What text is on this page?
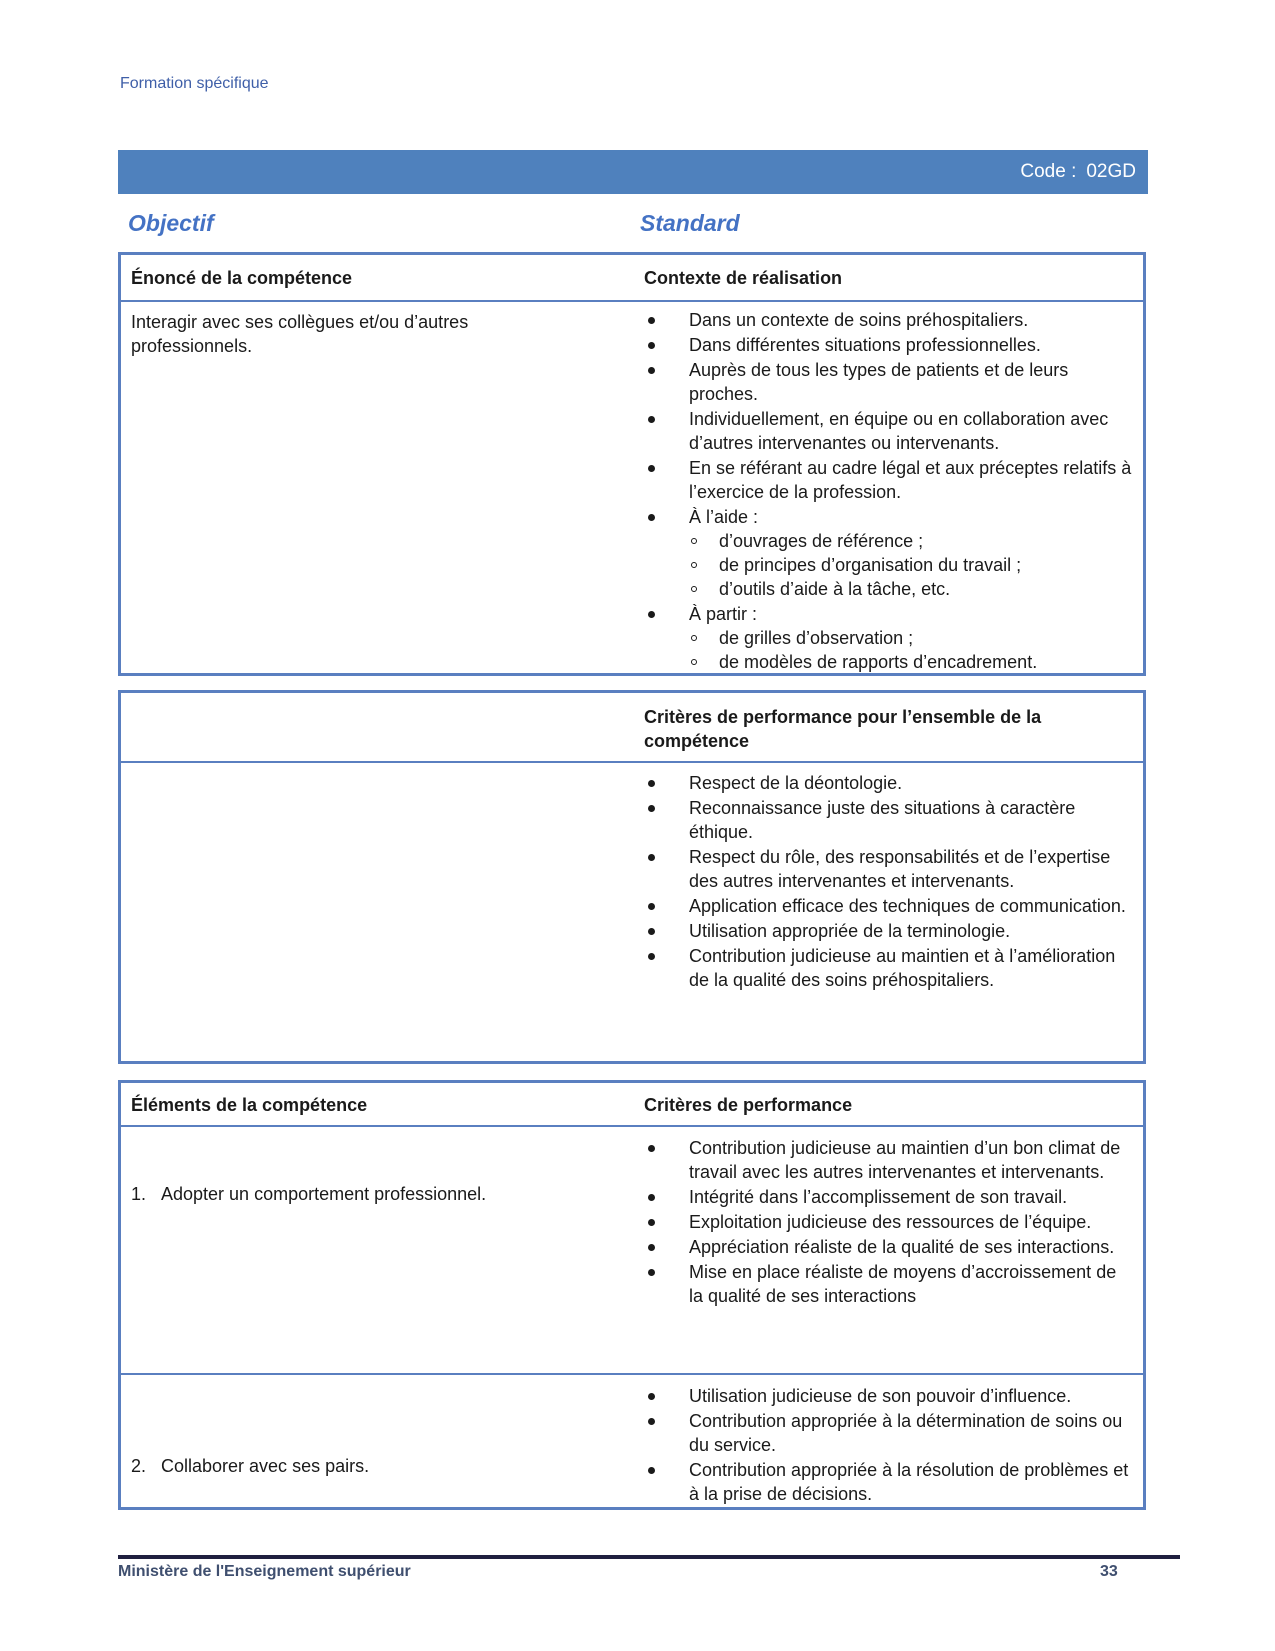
Formation spécifique
Code : 02GD
Objectif	Standard
Énoncé de la compétence	Contexte de réalisation
Interagir avec ses collègues et/ou d’autres professionnels.
Dans un contexte de soins préhospitaliers.
Dans différentes situations professionnelles.
Auprès de tous les types de patients et de leurs proches.
Individuellement, en équipe ou en collaboration avec d’autres intervenantes ou intervenants.
En se référant au cadre légal et aux préceptes relatifs à l’exercice de la profession.
À l’aide :
d’ouvrages de référence ;
de principes d’organisation du travail ;
d’outils d’aide à la tâche, etc.
À partir :
de grilles d’observation ;
de modèles de rapports d’encadrement.
Critères de performance pour l’ensemble de la compétence
Respect de la déontologie.
Reconnaissance juste des situations à caractère éthique.
Respect du rôle, des responsabilités et de l’expertise des autres intervenantes et intervenants.
Application efficace des techniques de communication.
Utilisation appropriée de la terminologie.
Contribution judicieuse au maintien et à l’amélioration de la qualité des soins préhospitaliers.
Éléments de la compétence	Critères de performance
1. Adopter un comportement professionnel.
Contribution judicieuse au maintien d’un bon climat de travail avec les autres intervenantes et intervenants.
Intégrité dans l’accomplissement de son travail.
Exploitation judicieuse des ressources de l’équipe.
Appréciation réaliste de la qualité de ses interactions.
Mise en place réaliste de moyens d’accroissement de la qualité de ses interactions
2. Collaborer avec ses pairs.
Utilisation judicieuse de son pouvoir d’influence.
Contribution appropriée à la détermination de soins ou du service.
Contribution appropriée à la résolution de problèmes et à la prise de décisions.
Ministère de l'Enseignement supérieur	33
